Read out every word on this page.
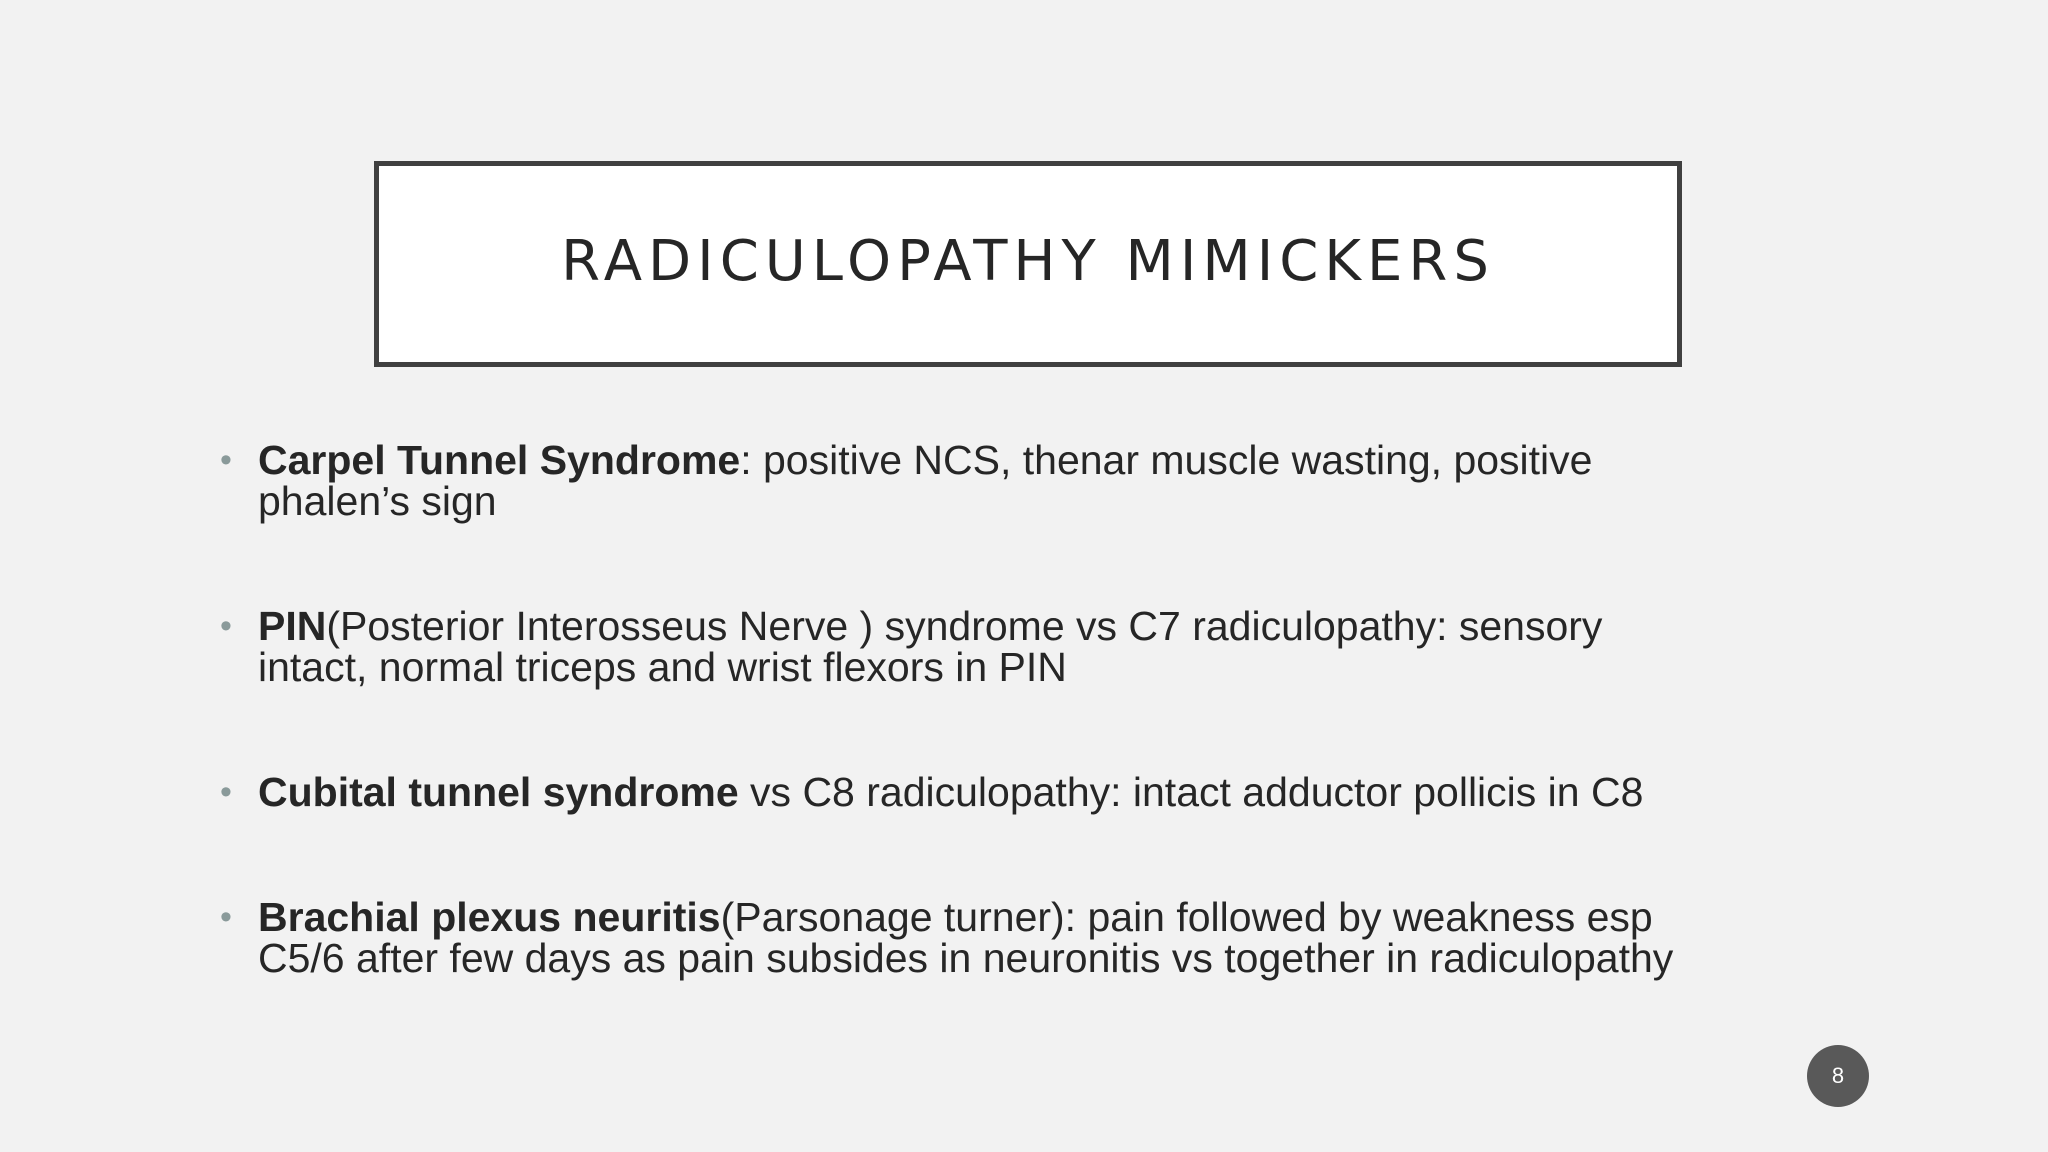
RADICULOPATHY MIMICKERS
• Carpel Tunnel Syndrome: positive NCS, thenar muscle wasting, positive phalen’s sign
• PIN(Posterior Interosseus Nerve ) syndrome vs C7 radiculopathy: sensory intact, normal triceps and wrist flexors in PIN
• Cubital tunnel syndrome vs C8 radiculopathy: intact adductor pollicis in C8
• Brachial plexus neuritis(Parsonage turner): pain followed by weakness esp C5/6 after few days as pain subsides in neuronitis vs together in radiculopathy
8
